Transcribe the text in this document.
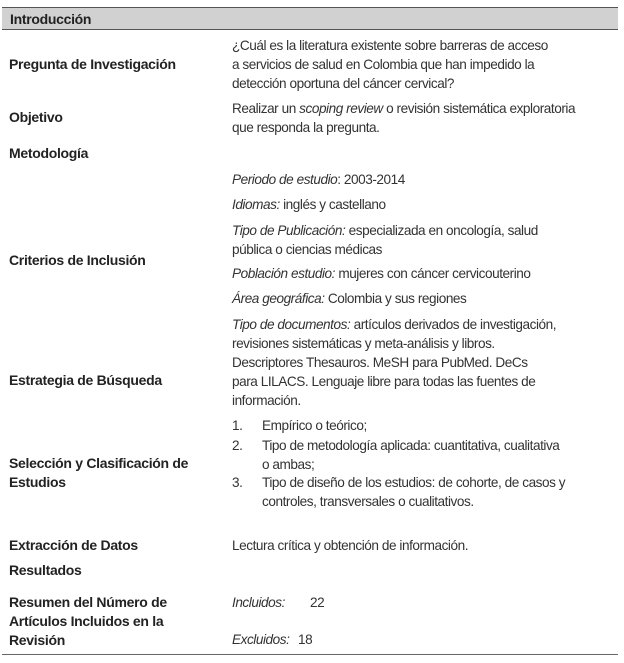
Introducción
Pregunta de Investigación
¿Cuál es la literatura existente sobre barreras de acceso
a servicios de salud en Colombia que han impedido la
detección oportuna del cáncer cervical?
Objetivo
Realizar un scoping review o revisión sistemática exploratoria
que responda la pregunta.
Metodología
Periodo de estudio: 2003-2014
Idiomas: inglés y castellano
Tipo de Publicación: especializada en oncología, salud
pública o ciencias médicas
Criterios de Inclusión
Población estudio: mujeres con cáncer cervicouterino
Área geográfica: Colombia y sus regiones
Tipo de documentos: artículos derivados de investigación,
revisiones sistemáticas y meta-análisis y libros.
Descriptores Thesauros. MeSH para PubMed. DeCs
para LILACS. Lenguaje libre para todas las fuentes de
información.
Estrategia de Búsqueda
1. Empírico o teórico;
2. Tipo de metodología aplicada: cuantitativa, cualitativa
o ambas;
3. Tipo de diseño de los estudios: de cohorte, de casos y
controles, transversales o cualitativos.
Selección y Clasificación de
Estudios
Extracción de Datos	Lectura crítica y obtención de información.
Resultados
Resumen del Número de
Artículos Incluidos en la
Revisión
Incluidos: 22
Excluidos: 18
